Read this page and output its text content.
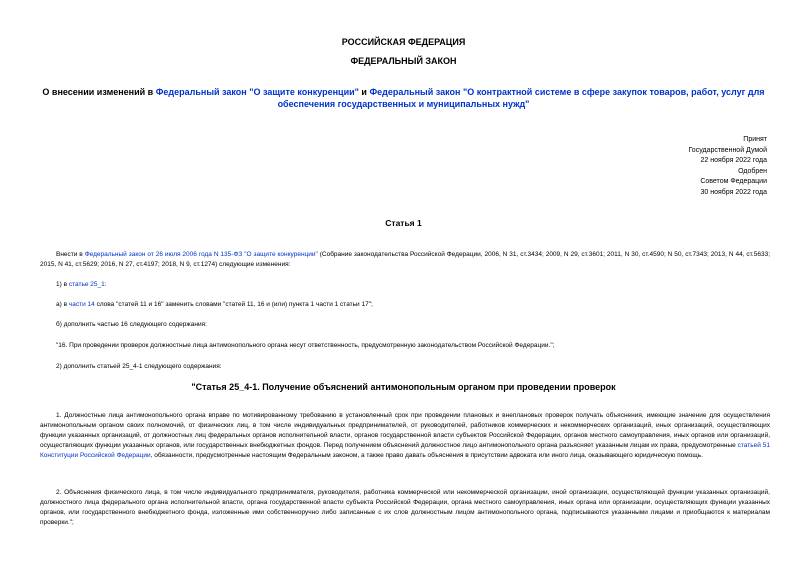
РОССИЙСКАЯ ФЕДЕРАЦИЯ
ФЕДЕРАЛЬНЫЙ ЗАКОН
О внесении изменений в Федеральный закон "О защите конкуренции" и Федеральный закон "О контрактной системе в сфере закупок товаров, работ, услуг для обеспечения государственных и муниципальных нужд"
Принят
Государственной Думой
22 ноября 2022 года
Одобрен
Советом Федерации
30 ноября 2022 года
Статья 1
Внести в Федеральный закон от 26 июля 2006 года N 135-ФЗ "О защите конкуренции" (Собрание законодательства Российской Федерации, 2006, N 31, ст.3434; 2009, N 29, ст.3601; 2011, N 30, ст.4590; N 50, ст.7343; 2013, N 44, ст.5633; 2015, N 41, ст.5629; 2016, N 27, ст.4197; 2018, N 9, ст.1274) следующие изменения:
1) в статье 25_1:
а) в части 14 слова "статей 11 и 16" заменить словами "статей 11, 16 и (или) пункта 1 части 1 статьи 17";
б) дополнить частью 16 следующего содержания:
"16. При проведении проверок должностные лица антимонопольного органа несут ответственность, предусмотренную законодательством Российской Федерации.";
2) дополнить статьей 25_4-1 следующего содержания:
"Статья 25_4-1. Получение объяснений антимонопольным органом при проведении проверок
1. Должностные лица антимонопольного органа вправе по мотивированному требованию в установленный срок при проведении плановых и внеплановых проверок получать объяснения, имеющие значение для осуществления антимонопольным органом своих полномочий, от физических лиц, в том числе индивидуальных предпринимателей, от руководителей, работников коммерческих и некоммерческих организаций, иных организаций, осуществляющих функции указанных организаций, от должностных лиц федеральных органов исполнительной власти, органов государственной власти субъектов Российской Федерации, органов местного самоуправления, иных органов или организаций, осуществляющих функции указанных органов, или государственных внебюджетных фондов. Перед получением объяснений должностное лицо антимонопольного органа разъясняет указанным лицам их права, предусмотренные статьей 51 Конституции Российской Федерации, обязанности, предусмотренные настоящим Федеральным законом, а также право давать объяснения в присутствии адвоката или иного лица, оказывающего юридическую помощь.
2. Объяснения физического лица, в том числе индивидуального предпринимателя, руководителя, работника коммерческой или некоммерческой организации, иной организации, осуществляющей функции указанных организаций, должностного лица федерального органа исполнительной власти, органа государственной власти субъекта Российской Федерации, органа местного самоуправления, иных органа или организации, осуществляющих функции указанных органов, или государственного внебюджетного фонда, изложенные ими собственноручно либо записанные с их слов должностным лицом антимонопольного органа, подписываются указанными лицами и приобщаются к материалам проверки.";
